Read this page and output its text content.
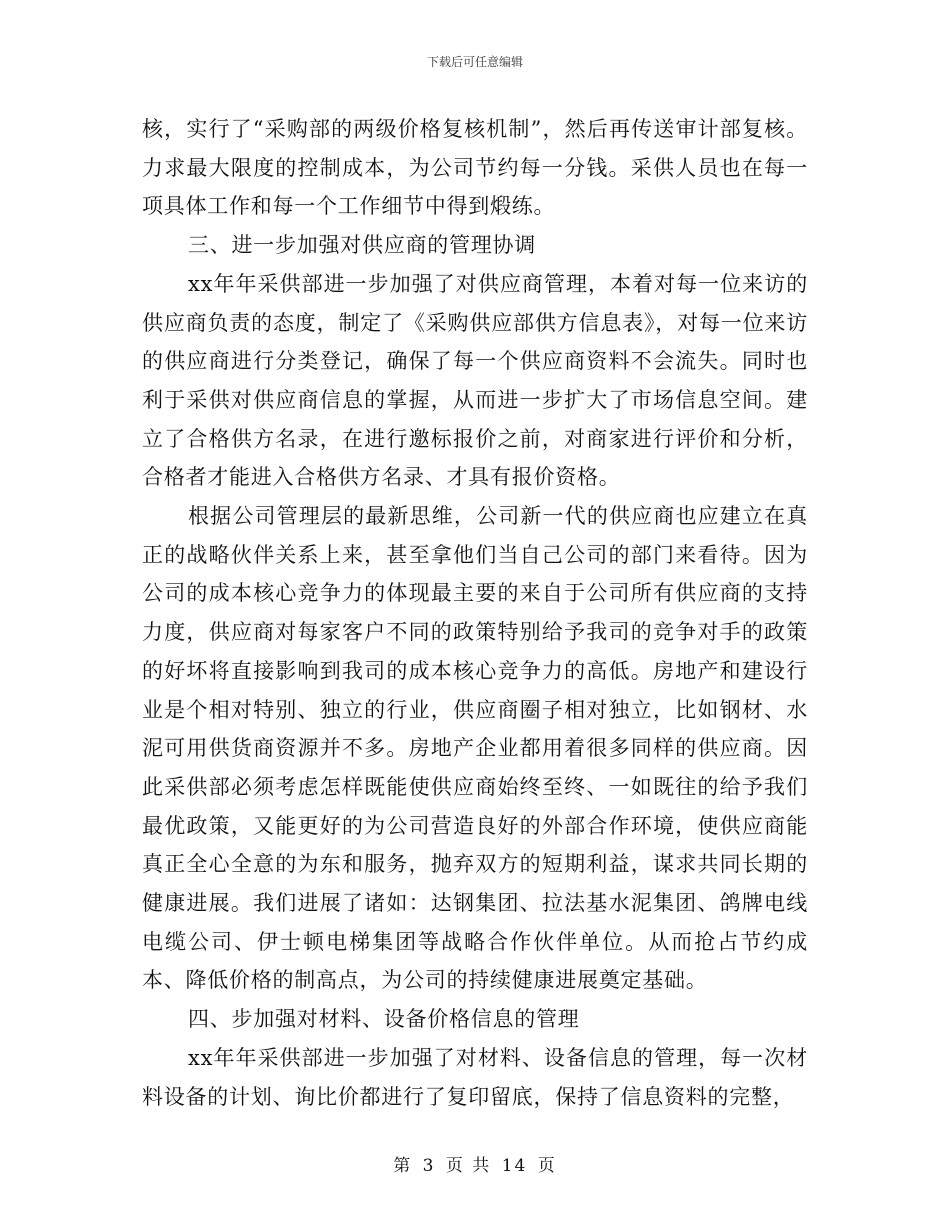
下载后可任意编辑

核，实行了“采购部的两级价格复核机制”，然后再传送审计部复核。力求最大限度的控制成本，为公司节约每一分钱。采供人员也在每一项具体工作和每一个工作细节中得到煅练。

三、进一步加强对供应商的管理协调

xx年年采供部进一步加强了对供应商管理，本着对每一位来访的供应商负责的态度，制定了《采购供应部供方信息表》，对每一位来访的供应商进行分类登记，确保了每一个供应商资料不会流失。同时也利于采供对供应商信息的掌握，从而进一步扩大了市场信息空间。建立了合格供方名录，在进行邀标报价之前，对商家进行评价和分析，合格者才能进入合格供方名录、才具有报价资格。

根据公司管理层的最新思维，公司新一代的供应商也应建立在真正的战略伙伴关系上来，甚至拿他们当自己公司的部门来看待。因为公司的成本核心竞争力的体现最主要的来自于公司所有供应商的支持力度，供应商对每家客户不同的政策特别给予我司的竞争对手的政策的好坏将直接影响到我司的成本核心竞争力的高低。房地产和建设行业是个相对特别、独立的行业，供应商圈子相对独立，比如钢材、水泥可用供货商资源并不多。房地产企业都用着很多同样的供应商。因此采供部必须考虑怎样既能使供应商始终至终、一如既往的给予我们最优政策，又能更好的为公司营造良好的外部合作环境，使供应商能真正全心全意的为东和服务，抛弃双方的短期利益，谋求共同长期的健康进展。我们进展了诸如：达钢集团、拉法基水泥集团、鸽牌电线电缆公司、伊士顿电梯集团等战略合作伙伴单位。从而抢占节约成本、降低价格的制高点，为公司的持续健康进展奠定基础。

四、步加强对材料、设备价格信息的管理

xx年年采供部进一步加强了对材料、设备信息的管理，每一次材料设备的计划、询比价都进行了复印留底，保持了信息资料的完整，

第 3 页 共 14 页
